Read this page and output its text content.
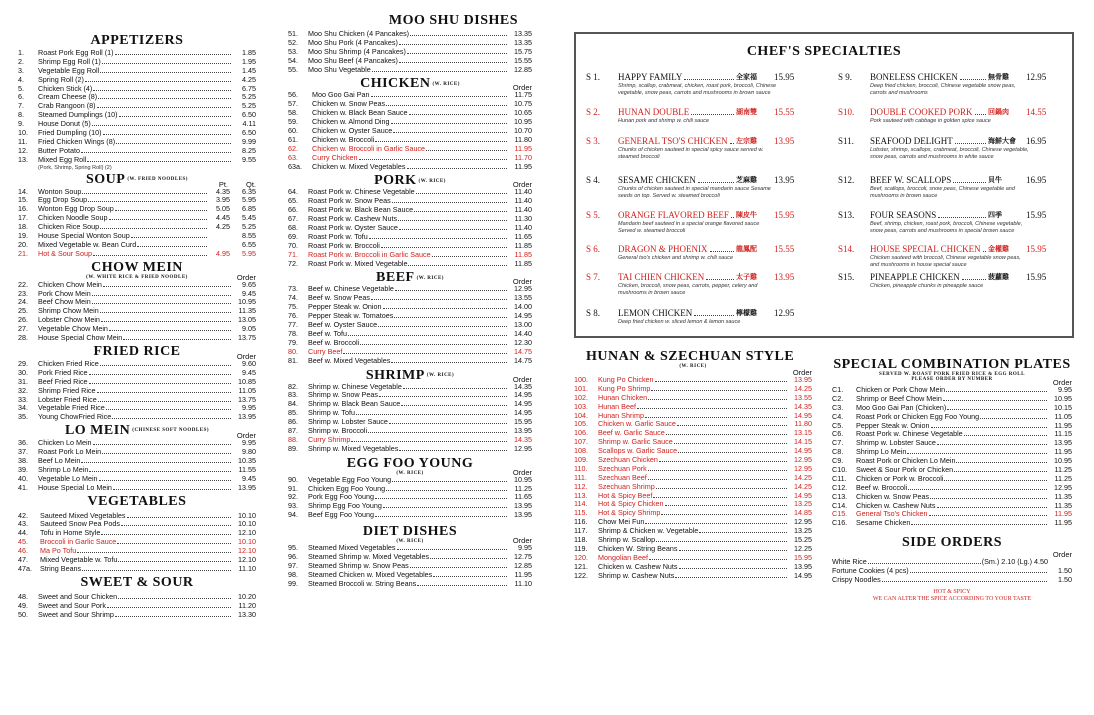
APPETIZERS
1.	Roast Pork Egg Roll (1)	1.85
2.	Shrimp Egg Roll (1)	1.95
3.	Vegetable Egg Roll	1.45
4.	Spring Roll (2)	4.25
5.	Chicken Stick (4)	6.75
6.	Cream Cheese (8)	5.25
7.	Crab Rangoon (8)	5.25
8.	Steamed Dumplings (10)	6.50
9.	House Donut (5)	4.11
10.	Fried Dumpling (10)	6.50
11.	Fried Chicken Wings (8)	9.99
12.	Butter Potato	8.25
13.	Mixed Egg Roll	9.55
(Pork, Shrimp, Spring Roll) (2)
SOUP (W. FRIED NOODLES)
Pt. Qt.
14.	Wonton Soup	4.35	6.35
15.	Egg Drop Soup	3.95	5.95
16.	Wonton Egg Drop Soup	5.05	6.85
17.	Chicken Noodle Soup	4.45	5.45
18.	Chicken Rice Soup	4.25	5.25
19.	House Special Wonton Soup	8.55
20.	Mixed Vegetable w. Bean Curd	6.55
21.	Hot & Sour Soup	4.95	5.95
CHOW MEIN
(W. WHITE RICE & FRIED NOODLE)	Order
22.	Chicken Chow Mein	9.65
23.	Pork Chow Mein	9.45
24.	Beef Chow Mein	10.95
25.	Shrimp Chow Mein	11.35
26.	Lobster Chow Mein	13.05
27.	Vegetable Chow Mein	9.05
28.	House Special Chow Mein	13.75
FRIED RICE	Order
29.	Chicken Fried Rice	9.60
30.	Pork Fried Rice	9.45
31.	Beef Fried Rice	10.85
32.	Shrimp Fried Rice	11.05
33.	Lobster Fried Rice	13.75
34.	Vegetable Fried Rice	9.95
35.	Young ChowFried Rice	13.95
LO MEIN (CHINESE SOFT NOODLES)
Order
36.	Chicken Lo Mein	9.95
37.	Roast Pork Lo Mein	9.80
38.	Beef Lo Mein	10.35
39.	Shrimp Lo Mein	11.55
40.	Vegetable Lo Mein	9.45
41.	House Special Lo Mein	13.95
VEGETABLES
42.	Sauteed Mixed Vegetables	10.10
43.	Sauteed Snow Pea Pods	10.10
44.	Tofu in Home Style	12.10
45.	Broccoli in Garlic Sauce	10.10
46.	Ma Po Tofu	12.10
47.	Mixed Vegetable w. Tofu	12.10
47a.	String Beans	11.10
SWEET & SOUR
48.	Sweet and Sour Chicken	10.20
49.	Sweet and Sour Pork	11.20
50.	Sweet and Sour Shrimp	13.30
MOO SHU DISHES
51.	Moo Shu Chicken (4 Pancakes)	13.35
52.	Moo Shu Pork (4 Pancakes)	13.35
53.	Moo Shu Shrimp (4 Pancakes)	15.75
54.	Moo Shu Beef (4 Pancakes)	15.55
55.	Moo Shu Vegetable	12.85
CHICKEN (W. RICE)	Order
56.	Moo Goo Gai Pan	11.75
57.	Chicken w. Snow Peas	10.75
58.	Chicken w. Black Bean Sauce	10.65
59.	Chicken w. Almond Ding	10.95
60.	Chicken w. Oyster Sauce	10.70
61.	Chicken w. Broccoli	11.80
62.	Chicken w. Broccoli in Garlic Sauce	11.95
63.	Curry Chicken	11.70
63a.	Chicken w. Mixed Vegetables	11.95
PORK (W. RICE)	Order
64.	Roast Pork w. Chinese Vegetable	11.40
65.	Roast Pork w. Snow Peas	11.40
66.	Roast Pork w. Black Bean Sauce	11.40
67.	Roast Pork w. Cashew Nuts	11.30
68.	Roast Pork w. Oyster Sauce	11.40
69.	Roast Pork w. Tofu	11.65
70.	Roast Pork w. Broccoli	11.85
71.	Roast Pork w. Broccoli in Garlic Sauce	11.85
72.	Roast Pork w. Mixed Vegetable	11.85
BEEF (W. RICE)	Order
73.	Beef w. Chinese Vegetable	12.95
74.	Beef w. Snow Peas	13.55
75.	Pepper Steak w. Onion	14.00
76.	Pepper Steak w. Tomatoes	14.95
77.	Beef w. Oyster Sauce	13.00
78.	Beef w. Tofu	14.40
79.	Beef w. Broccoli	12.30
80.	Curry Beef	14.75
81.	Beef w. Mixed Vegetables	14.75
SHRIMP (W. RICE)	Order
82.	Shrimp w. Chinese Vegetable	14.35
83.	Shrimp w. Snow Peas	14.95
84.	Shrimp w. Black Bean Sauce	14.95
85.	Shrimp w. Tofu	14.95
86.	Shrimp w. Lobster Sauce	15.95
87.	Shrimp w. Broccoli	13.95
88.	Curry Shrimp	14.35
89.	Shrimp w. Mixed Vegetables	12.95
EGG FOO YOUNG
(W. RICE)	Order
90.	Vegetable Egg Foo Young	10.95
91.	Chicken Egg Foo Young	11.25
92.	Pork Egg Foo Young	11.65
93.	Shrimp Egg Foo Young	13.95
94.	Beef Egg Foo Young	13.95
DIET DISHES
(W. RICE)	Order
95.	Steamed Mixed Vegetables	9.95
96.	Steamed Shrimp w. Mixed Vegetables	12.75
97.	Steamed Shrimp w. Snow Peas	12.85
98.	Steamed Chicken w. Mixed Vegetables	11.95
99.	Steamed Broccoli w. String Beans	11.10
CHEF'S SPECIALTIES
S 1. HAPPY FAMILY	全家福 15.95
Shrimp, scallop, crabmeat, chicken, roast pork, broccoli, Chinese vegetable, snow peas, carrots and mushrooms in brown sauce
S 2. HUNAN DOUBLE	湖南雙 15.55
Hunan pork and shrimp w. chili sauce
S 3. GENERAL TSO'S CHICKEN 左宗雞 13.95
Chunks of chicken sauteed in special spicy sauce served w. steamed broccoli
S 4. SESAME CHICKEN	芝麻雞 13.95
Chunks of chicken sauteed in special mandarin sauce Sesame seeds on top. Served w. steamed broccoli
S 5. ORANGE FLAVORED BEEF 陳皮牛 15.95
Mandarin beef sauteed in a special orange flavored sauce Served w. steamed broccoli
S 6. DRAGON & PHOENIX	龍鳳配 15.55
General tso's chicken and shrimp w. chili sauce
S 7. TAI CHIEN CHICKEN	太子雞 13.95
Chicken, broccoli, snow peas, carrots, pepper, celery and mushrooms in brown sauce
S 8. LEMON CHICKEN	檸檬雞 12.95
Deep fried chicken w. sliced lemon & lemon sauce
S 9. BONELESS CHICKEN	無骨雞 12.95
Deep fried chicken, broccoli, Chinese vegetable snow peas, carrots and mushrooms
S10. DOUBLE COOKED PORK 回鍋肉 14.55
Pork sauteed with cabbage in golden spice sauce
S11. SEAFOOD DELIGHT	海鮮大會 16.95
Lobster, shrimp, scallops, crabmeat, broccoli, Chinese vegetable, snow peas, carrots and mushrooms in white sauce
S12. BEEF W. SCALLOPS	貝牛	16.95
Beef, scallops, broccoli, snow peas, Chinese vegetable and mushrooms in brown sauce
S13. FOUR SEASONS	四季	15.95
Beef, shrimp, chicken, roast pork, broccoli, Chinese vegetable, snow peas, carrots and mushrooms in special brown sauce
S14. HOUSE SPECIAL CHICKEN 金權雞 15.95
Chicken sauteed with broccoli, Chinese vegetable snow peas, and mushrooms in house special sauce
S15. PINEAPPLE CHICKEN	菠蘿雞 15.95
Chicken, pineapple chunks in pineapple sauce
HUNAN & SZECHUAN STYLE
(W. RICE)
Order
100.	Kung Po Chicken	13.95
101.	Kung Po Shrimp	14.25
102.	Hunan Chicken	13.55
103.	Hunan Beef	14.35
104.	Hunan Shrimp	14.95
105.	Chicken w. Garlic Sauce	11.80
106.	Beef w. Garlic Sauce	13.15
107.	Shrimp w. Garlic Sauce	14.15
108.	Scallops w. Garlic Sauce	14.95
109.	Szechuan Chicken	12.95
110.	Szechuan Pork	12.95
111.	Szechuan Beef	14.25
112.	Szechuan Shrimp	14.25
113.	Hot & Spicy Beef	14.95
114.	Hot & Spicy Chicken	13.25
115.	Hot & Spicy Shrimp	14.85
116.	Chow Mei Fun	12.95
117.	Shrimp & Chicken w. Vegetable	13.25
118.	Shrimp w. Scallop	15.25
119.	Chicken W. String Beans	12.25
120.	Mongolian Beef	15.95
121.	Chicken w. Cashew Nuts	13.95
122.	Shrimp w. Cashew Nuts	14.95
SPECIAL COMBINATION PLATES
SERVED W. ROAST PORK FRIED RICE & EGG ROLL
PLEASE ORDER BY NUMBER	Order
C1.	Chicken or Pork Chow Mein	9.95
C2.	Shrimp or Beef Chow Mein	10.95
C3.	Moo Goo Gai Pan (Chicken)	10.15
C4.	Roast Pork or Chicken Egg Foo Young	11.05
C5.	Pepper Steak w. Onion	11.95
C6.	Roast Pork w. Chinese Vegetable	11.15
C7.	Shrimp w. Lobster Sauce	13.95
C8.	Shrimp Lo Mein	11.95
C9.	Roast Pork or Chicken Lo Mein	10.95
C10.	Sweet & Sour Pork or Chicken	11.25
C11.	Chicken or Pork w. Broccoli	11.25
C12.	Beef w. Broccoli	12.95
C13.	Chicken w. Snow Peas	11.35
C14.	Chicken w. Cashew Nuts	11.35
C15.	General Tso's Chicken	11.95
C16.	Sesame Chicken	11.95
SIDE ORDERS
Order
White Rice	(Sm.) 2.10 (Lg.) 4.50
Fortune Cookies (4 pcs)	1.50
Crispy Noodles	1.50
HOT & SPICY
WE CAN ALTER THE SPICE ACCORDING TO YOUR TASTE
